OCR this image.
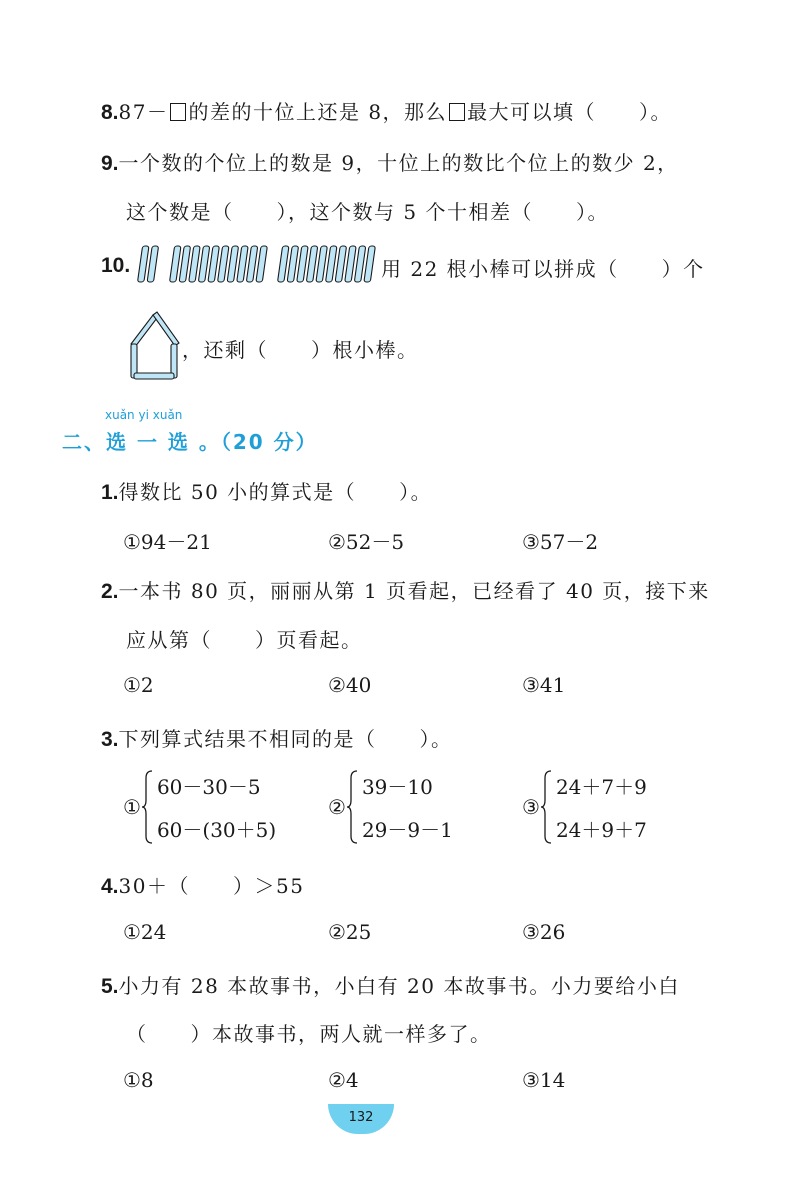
8.87－ 的差的十位上还是 8，那么 最大可以填（　　）。
9.一个数的个位上的数是 9，十位上的数比个位上的数少 2，
这个数是（　　），这个数与 5 个十相差（　　）。
10.	用 22 根小棒可以拼成（　　）个
，还剩（　　）根小棒。
xuǎn yi xuǎn
二、选 一 选 。（20 分）
1.得数比 50 小的算式是（　　）。
①94－21	②52－5	③57－2
2.一本书 80 页，丽丽从第 1 页看起，已经看了 40 页，接下来
应从第（　　）页看起。
①2	②40	③41
3.下列算式结果不相同的是（　　）。
①
60－30－5
60－(30＋5)
②
39－10
29－9－1
③
24＋7＋9
24＋9＋7
4.30＋（　　）＞55
①24	②25	③26
5.小力有 28 本故事书，小白有 20 本故事书。小力要给小白
（　　）本故事书，两人就一样多了。
①8	②4	③14
132
